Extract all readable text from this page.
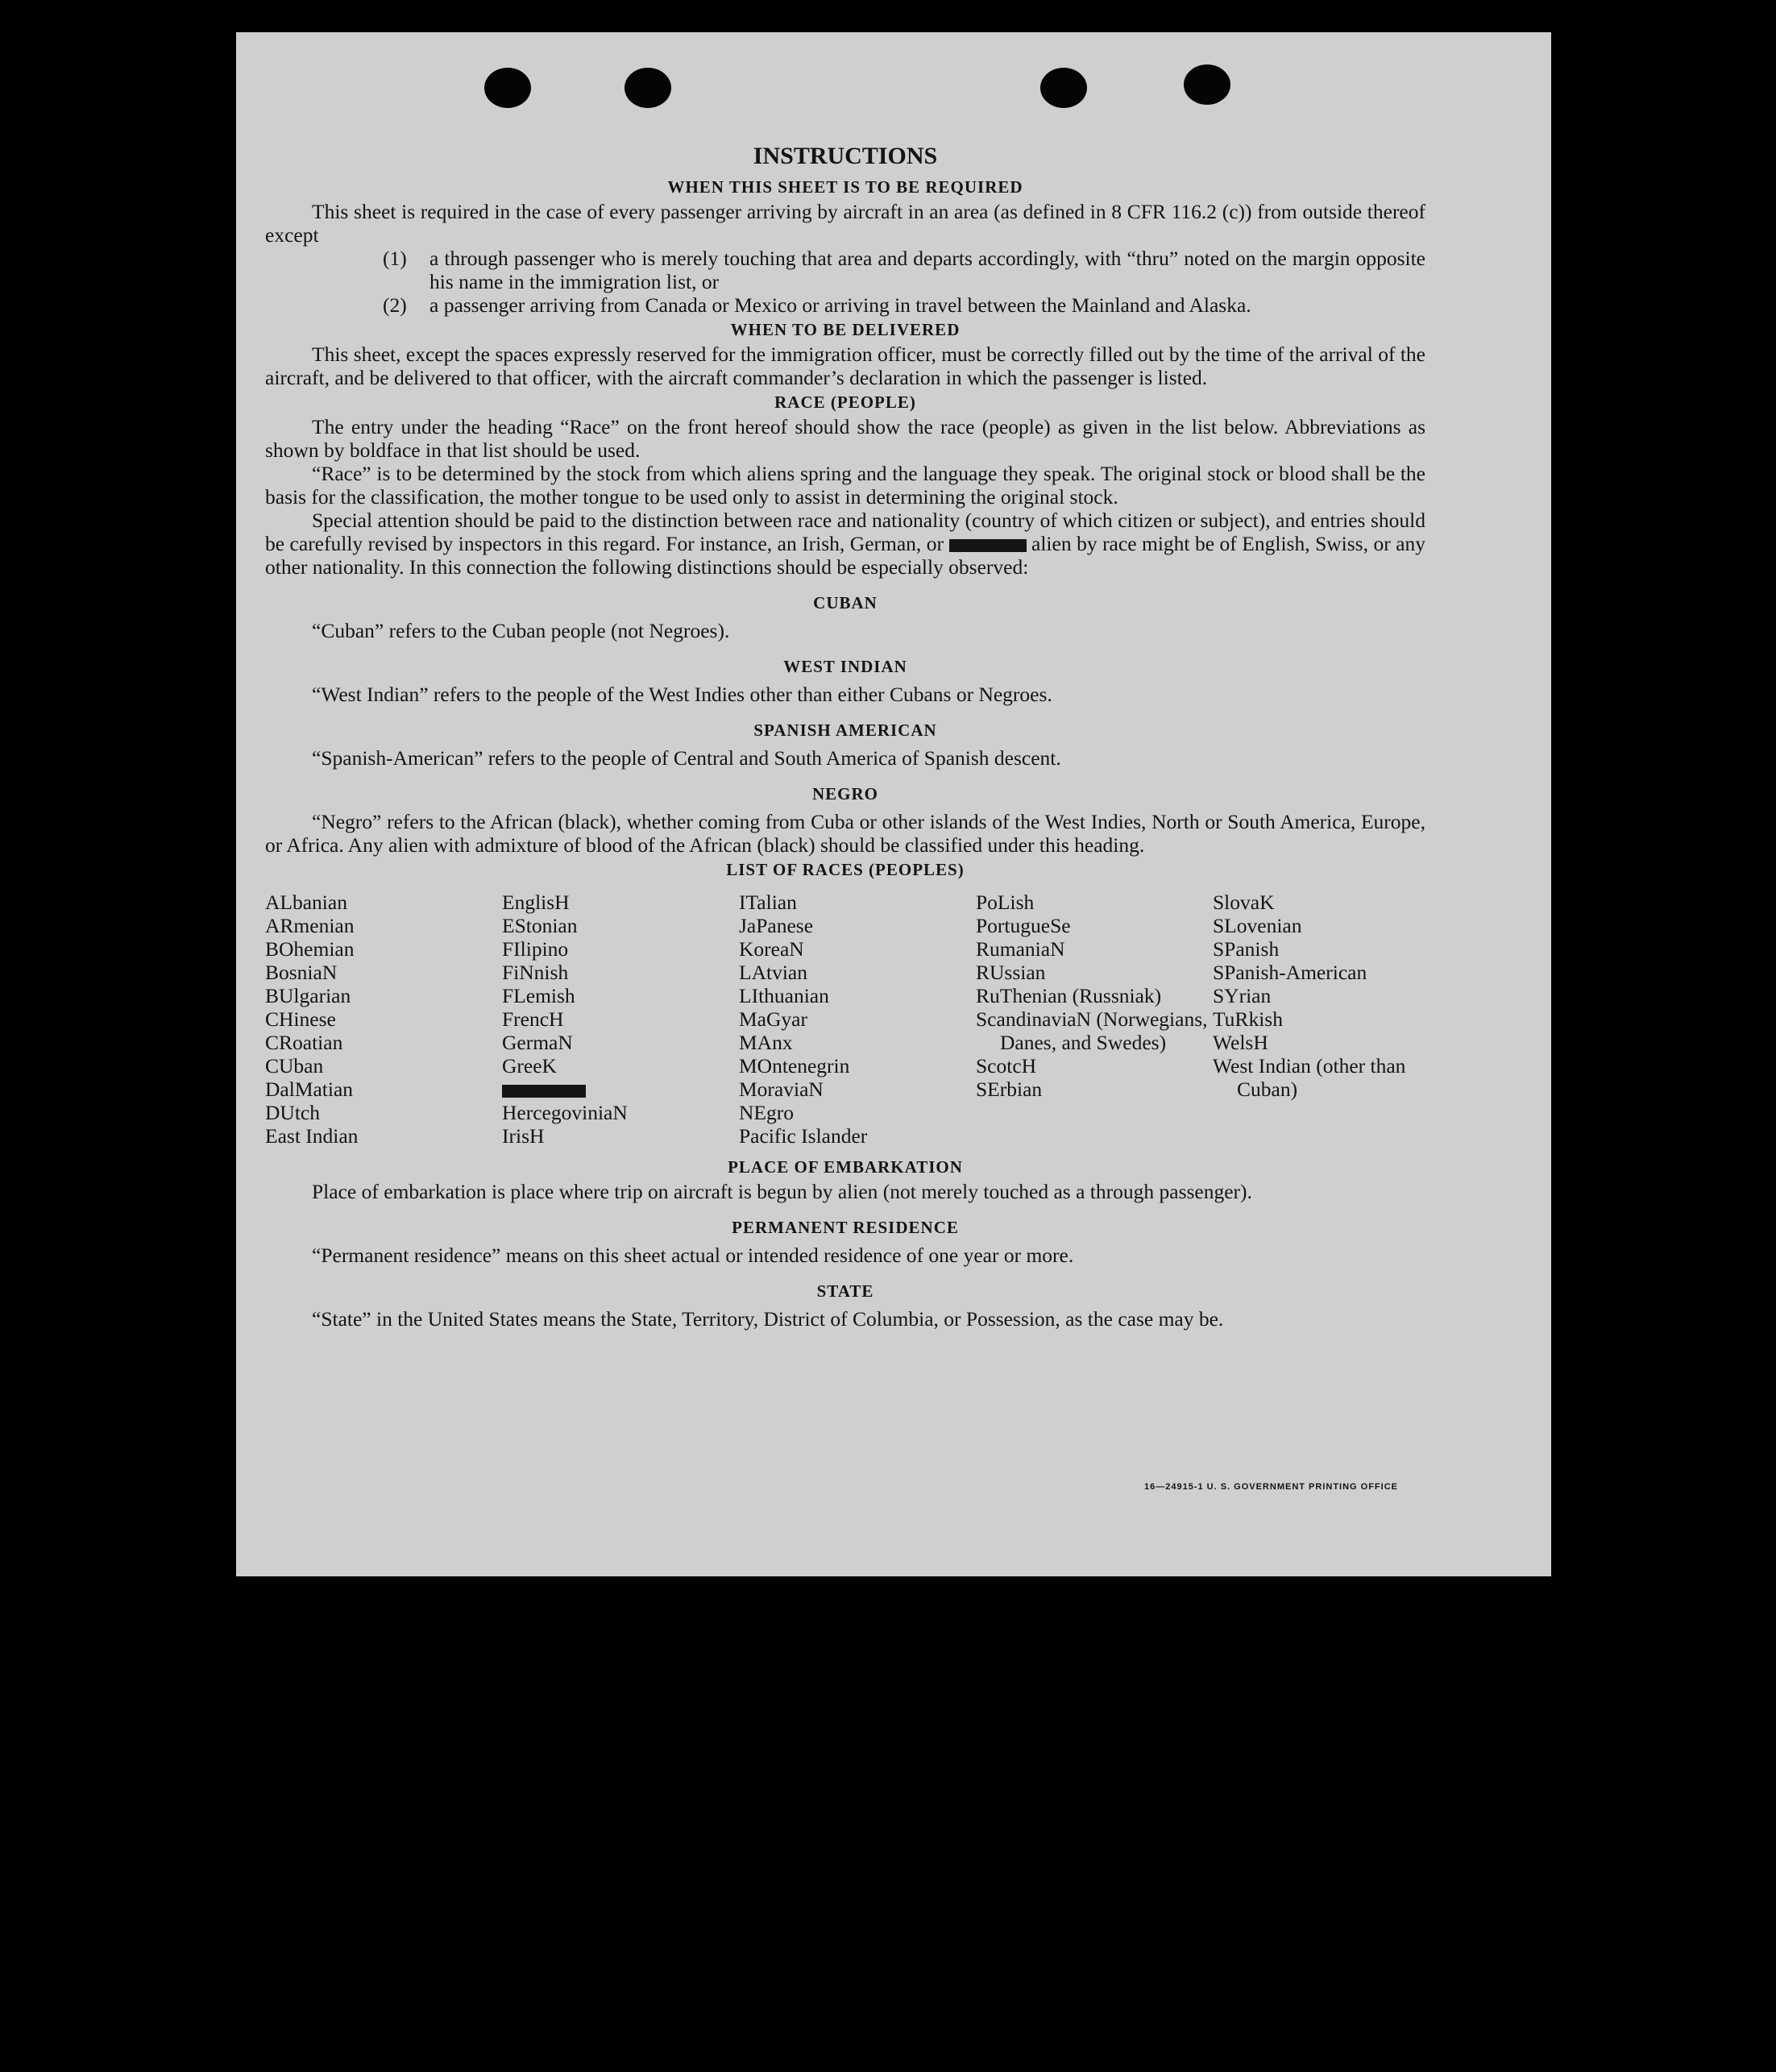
INSTRUCTIONS
WHEN THIS SHEET IS TO BE REQUIRED

This sheet is required in the case of every passenger arriving by aircraft in an area (as defined in 8 CFR 116.2 (c)) from outside thereof except

(1) a through passenger who is merely touching that area and departs accordingly, with “thru” noted on the margin opposite his name in the immigration list, or

(2) a passenger arriving from Canada or Mexico or arriving in travel between the Mainland and Alaska.

WHEN TO BE DELIVERED

This sheet, except the spaces expressly reserved for the immigration officer, must be correctly filled out by the time of the arrival of the aircraft, and be delivered to that officer, with the aircraft commander’s declaration in which the passenger is listed.

RACE (PEOPLE)

The entry under the heading “Race” on the front hereof should show the race (people) as given in the list below. Abbreviations as shown by boldface in that list should be used.

“Race” is to be determined by the stock from which aliens spring and the language they speak. The original stock or blood shall be the basis for the classification, the mother tongue to be used only to assist in determining the original stock.

Special attention should be paid to the distinction between race and nationality (country of which citizen or subject), and entries should be carefully revised by inspectors in this regard. For instance, an Irish, German, or	alien by race might be of English, Swiss, or any other nationality. In this connection the following distinctions should be especially observed:

CUBAN

“Cuban” refers to the Cuban people (not Negroes).

WEST INDIAN

“West Indian” refers to the people of the West Indies other than either Cubans or Negroes.

SPANISH AMERICAN

“Spanish-American” refers to the people of Central and South America of Spanish descent.

NEGRO

“Negro” refers to the African (black), whether coming from Cuba or other islands of the West Indies, North or South America, Europe, or Africa. Any alien with admixture of blood of the African (black) should be classified under this heading.

LIST OF RACES (PEOPLES)
ALbanian
ARmenian
BOhemian
BosniaN
BUlgarian
CHinese
CRoatian
CUban
DalMatian
DUtch
East Indian
EnglisH
EStonian
FIlipino
FiNnish
FLemish
FrencH
GermaN
GreeK
HercegoviniaN
IrisH
ITalian
JaPanese
KoreaN
LAtvian
LIthuanian
MaGyar
MAnx
MOntenegrin
MoraviaN
NEgro
Pacific Islander
PoLish
PortugueSe
RumaniaN
RUssian
RuThenian (Russniak)
ScandinaviaN (Norwegians, Danes, and Swedes)
ScotcH
SErbian
SlovaK
SLovenian
SPanish
SPanish-American
SYrian
TuRkish
WelsH
West Indian (other than Cuban)
PLACE OF EMBARKATION

Place of embarkation is place where trip on aircraft is begun by alien (not merely touched as a through passenger).

PERMANENT RESIDENCE

“Permanent residence” means on this sheet actual or intended residence of one year or more.

STATE

“State” in the United States means the State, Territory, District of Columbia, or Possession, as the case may be.

16—24915-1 U. S. GOVERNMENT PRINTING OFFICE
